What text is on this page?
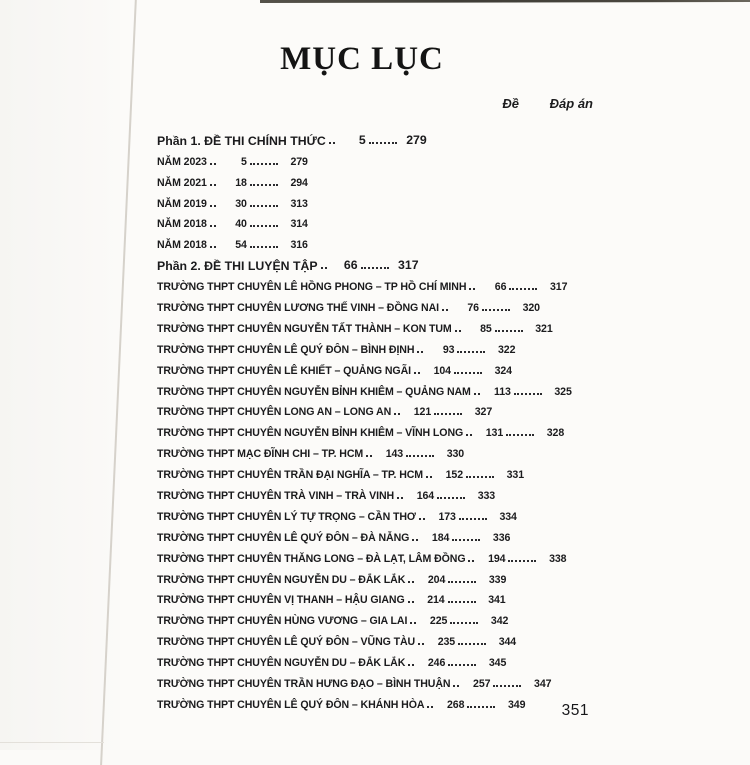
MỤC LỤC
Đề Đáp án
Phần 1. ĐỀ THI CHÍNH THỨC	5	279
NĂM 2023	5	279
NĂM 2021	18	294
NĂM 2019	30	313
NĂM 2018	40	314
NĂM 2018	54	316
Phần 2. ĐỀ THI LUYỆN TẬP	66	317
TRƯỜNG THPT CHUYÊN LÊ HỒNG PHONG – TP HỒ CHÍ MINH	66	317
TRƯỜNG THPT CHUYÊN LƯƠNG THẾ VINH – ĐỒNG NAI	76	320
TRƯỜNG THPT CHUYÊN NGUYỄN TẤT THÀNH – KON TUM	85	321
TRƯỜNG THPT CHUYÊN LÊ QUÝ ĐÔN – BÌNH ĐỊNH	93	322
TRƯỜNG THPT CHUYÊN LÊ KHIẾT – QUẢNG NGÃI	104	324
TRƯỜNG THPT CHUYÊN NGUYỄN BỈNH KHIÊM – QUẢNG NAM	113	325
TRƯỜNG THPT CHUYÊN LONG AN – LONG AN	121	327
TRƯỜNG THPT CHUYÊN NGUYỄN BỈNH KHIÊM – VĨNH LONG	131	328
TRƯỜNG THPT MẠC ĐĨNH CHI – TP. HCM	143	330
TRƯỜNG THPT CHUYÊN TRẦN ĐẠI NGHĨA – TP. HCM	152	331
TRƯỜNG THPT CHUYÊN TRÀ VINH – TRÀ VINH	164	333
TRƯỜNG THPT CHUYÊN LÝ TỰ TRỌNG – CẦN THƠ	173	334
TRƯỜNG THPT CHUYÊN LÊ QUÝ ĐÔN – ĐÀ NẴNG	184	336
TRƯỜNG THPT CHUYÊN THĂNG LONG – ĐÀ LẠT, LÂM ĐỒNG	194	338
TRƯỜNG THPT CHUYÊN NGUYỄN DU – ĐẮK LẮK	204	339
TRƯỜNG THPT CHUYÊN VỊ THANH – HẬU GIANG	214	341
TRƯỜNG THPT CHUYÊN HÙNG VƯƠNG – GIA LAI	225	342
TRƯỜNG THPT CHUYÊN LÊ QUÝ ĐÔN – VŨNG TÀU	235	344
TRƯỜNG THPT CHUYÊN NGUYỄN DU – ĐẮK LẮK	246	345
TRƯỜNG THPT CHUYÊN TRẦN HƯNG ĐẠO – BÌNH THUẬN	257	347
TRƯỜNG THPT CHUYÊN LÊ QUÝ ĐÔN – KHÁNH HÒA	268	349 351
